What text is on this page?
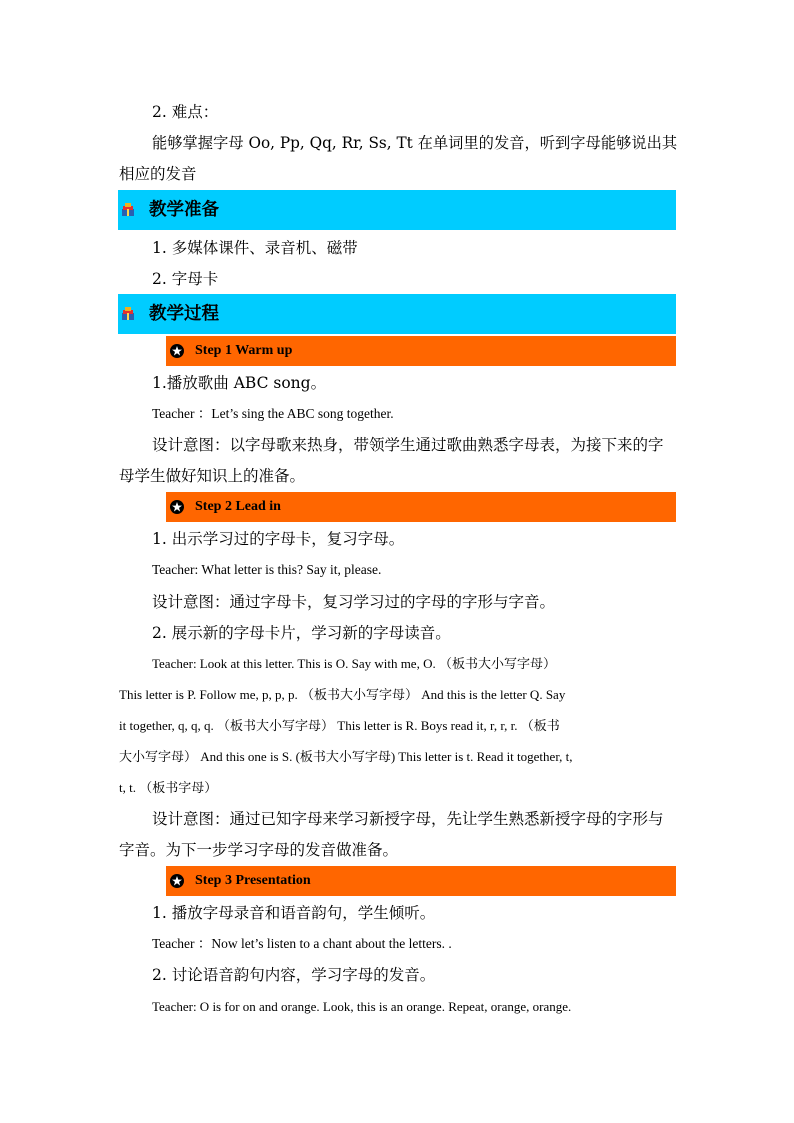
2. 难点：
能够掌握字母 Oo, Pp, Qq, Rr, Ss, Tt 在单词里的发音，听到字母能够说出其
相应的发音
教学准备
1. 多媒体课件、录音机、磁带
2. 字母卡
教学过程
Step 1 Warm up
1.播放歌曲 ABC song。
Teacher ：Let’s sing the ABC song together.
设计意图：以字母歌来热身，带领学生通过歌曲熟悉字母表，为接下来的字
母学生做好知识上的准备。
Step 2 Lead in
1. 出示学习过的字母卡，复习字母。
Teacher: What letter is this? Say it, please.
设计意图：通过字母卡，复习学习过的字母的字形与字音。
2. 展示新的字母卡片，学习新的字母读音。
Teacher: Look at this letter. This is O. Say with me, O. （板书大小写字母）
This letter is P. Follow me, p, p, p. （板书大小写字母） And this is the letter Q. Say
it together, q, q, q. （板书大小写字母） This letter is R. Boys read it, r, r, r. （板书
大小写字母） And this one is S. (板书大小写字母) This letter is t. Read it together, t,
t, t. （板书字母）
设计意图：通过已知字母来学习新授字母，先让学生熟悉新授字母的字形与
字音。为下一步学习字母的发音做准备。
Step 3 Presentation
1. 播放字母录音和语音韵句，学生倾听。
Teacher ：Now let’s listen to a chant about the letters. .
2. 讨论语音韵句内容，学习字母的发音。
Teacher: O is for on and orange. Look, this is an orange. Repeat, orange, orange.
